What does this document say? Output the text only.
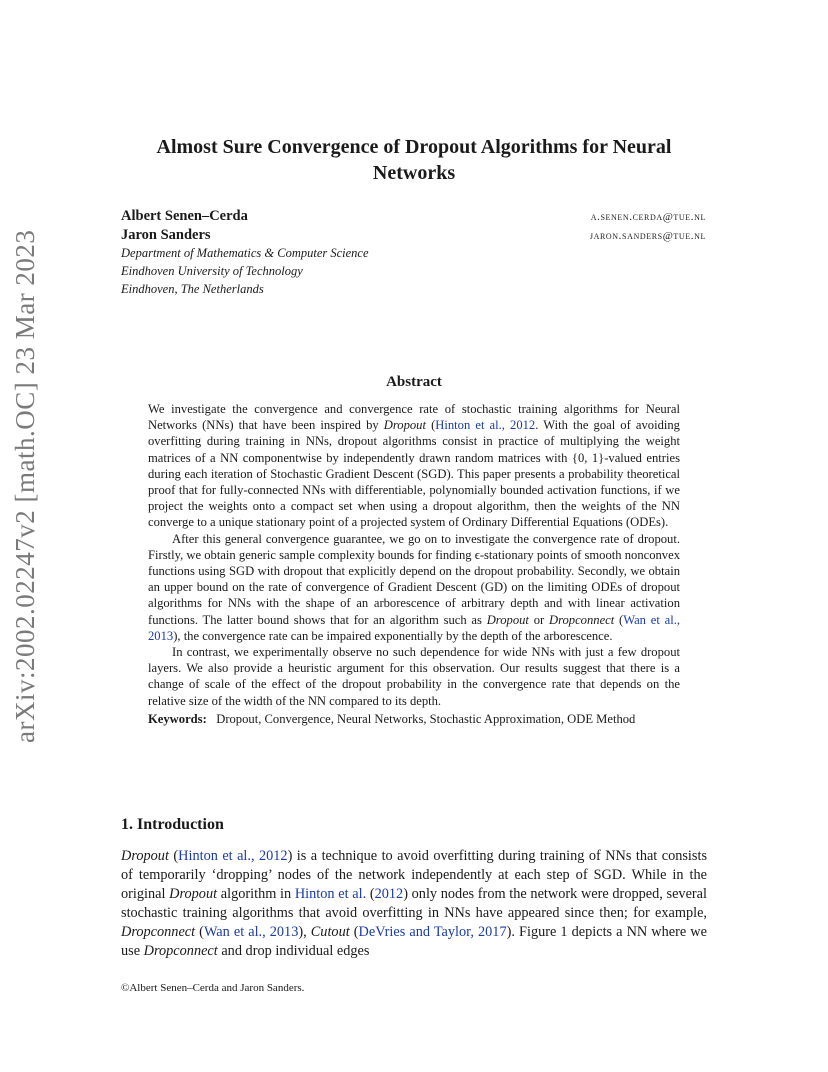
arXiv:2002.02247v2 [math.OC] 23 Mar 2023
Almost Sure Convergence of Dropout Algorithms for Neural
Networks
Albert Senen–Cerda	a.senen.cerda@tue.nl
Jaron Sanders	jaron.sanders@tue.nl
Department of Mathematics & Computer Science
Eindhoven University of Technology
Eindhoven, The Netherlands
Abstract

We investigate the convergence and convergence rate of stochastic training algorithms for Neural Networks (NNs) that have been inspired by Dropout (Hinton et al., 2012. With the goal of avoiding overfitting during training in NNs, dropout algorithms consist in practice of multiplying the weight matrices of a NN componentwise by independently drawn random matrices with {0, 1}-valued entries during each iteration of Stochastic Gradient Descent (SGD). This paper presents a probability theoretical proof that for fully-connected NNs with differentiable, polynomially bounded activation functions, if we project the weights onto a compact set when using a dropout algorithm, then the weights of the NN converge to a unique stationary point of a projected system of Ordinary Differential Equations (ODEs).

After this general convergence guarantee, we go on to investigate the convergence rate of dropout. Firstly, we obtain generic sample complexity bounds for finding ϵ-stationary points of smooth nonconvex functions using SGD with dropout that explicitly depend on the dropout probability. Secondly, we obtain an upper bound on the rate of convergence of Gradient Descent (GD) on the limiting ODEs of dropout algorithms for NNs with the shape of an arborescence of arbitrary depth and with linear activation functions. The latter bound shows that for an algorithm such as Dropout or Dropconnect (Wan et al., 2013), the convergence rate can be impaired exponentially by the depth of the arborescence.

In contrast, we experimentally observe no such dependence for wide NNs with just a few dropout layers. We also provide a heuristic argument for this observation. Our results suggest that there is a change of scale of the effect of the dropout probability in the convergence rate that depends on the relative size of the width of the NN compared to its depth.

Keywords: Dropout, Convergence, Neural Networks, Stochastic Approximation, ODE Method

1. Introduction

Dropout (Hinton et al., 2012) is a technique to avoid overfitting during training of NNs that consists of temporarily ‘dropping’ nodes of the network independently at each step of SGD. While in the original Dropout algorithm in Hinton et al. (2012) only nodes from the network were dropped, several stochastic training algorithms that avoid overfitting in NNs have appeared since then; for example, Dropconnect (Wan et al., 2013), Cutout (DeVries and Taylor, 2017). Figure 1 depicts a NN where we use Dropconnect and drop individual edges

©Albert Senen–Cerda and Jaron Sanders.
